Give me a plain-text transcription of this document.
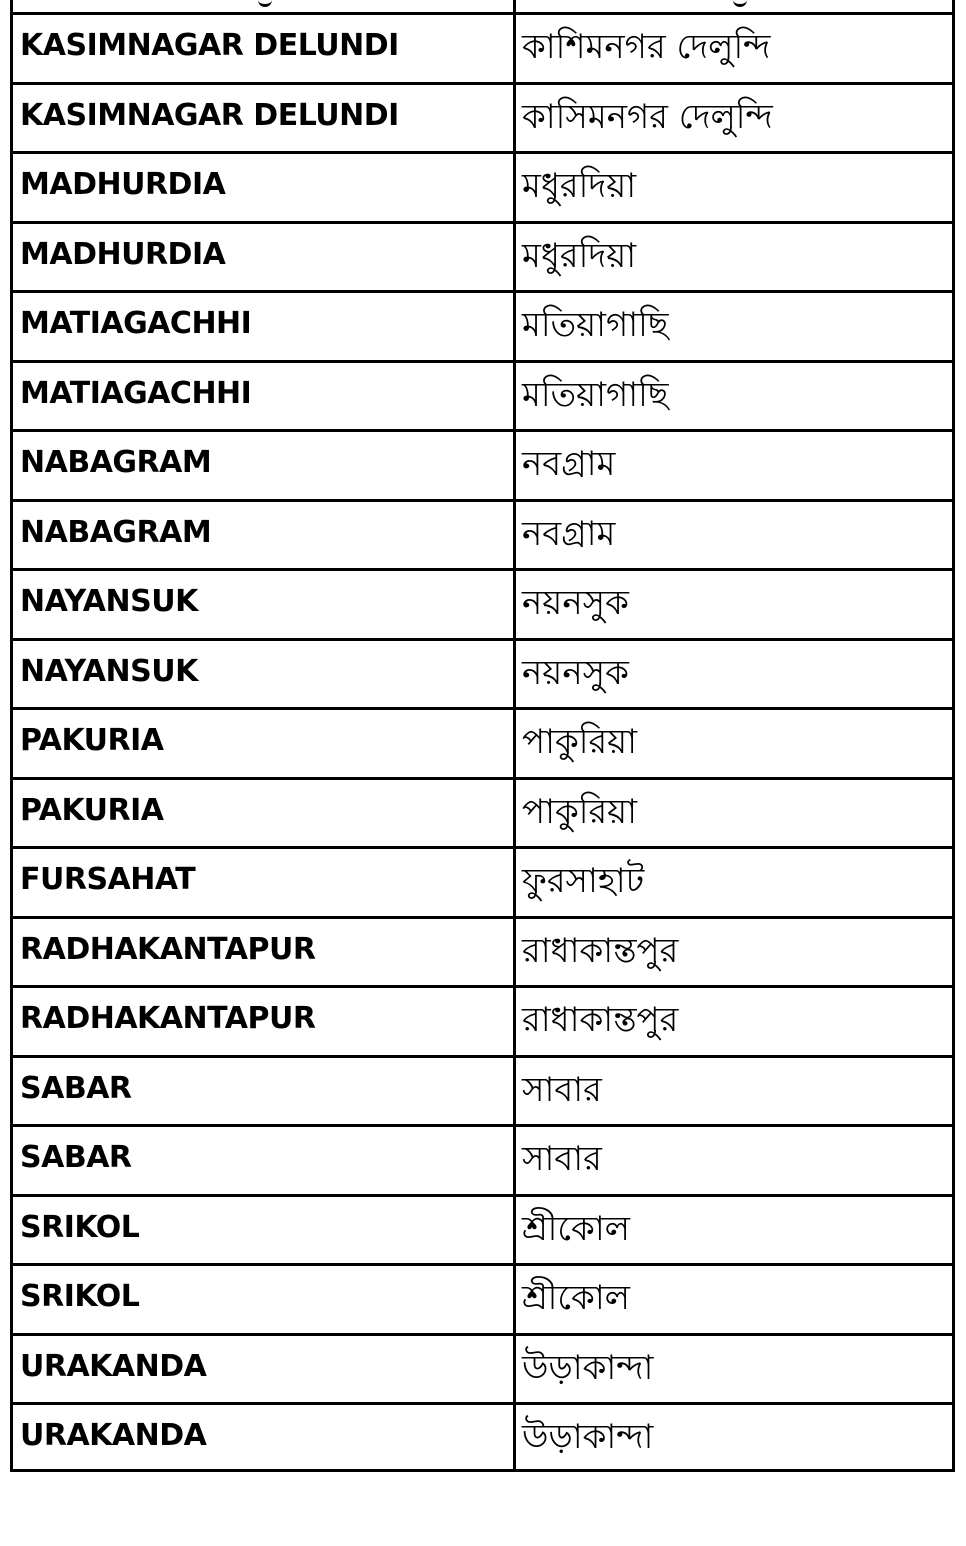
KASIMNAGAR DELUNDI	কাশিমনগর দেলুন্দি
KASIMNAGAR DELUNDI	কাসিমনগর দেলুন্দি
MADHURDIA	মধুরদিয়া
MADHURDIA	মধুরদিয়া
MATIAGACHHI	মতিয়াগাছি
MATIAGACHHI	মতিয়াগাছি
NABAGRAM	নবগ্রাম
NABAGRAM	নবগ্রাম
NAYANSUK	নয়নসুক
NAYANSUK	নয়নসুক
PAKURIA	পাকুরিয়া
PAKURIA	পাকুরিয়া
FURSAHAT	ফুরসাহাট
RADHAKANTAPUR	রাধাকান্তপুর
RADHAKANTAPUR	রাধাকান্তপুর
SABAR	সাবার
SABAR	সাবার
SRIKOL	শ্রীকোল
SRIKOL	শ্রীকোল
URAKANDA	উড়াকান্দা
URAKANDA	উড়াকান্দা
